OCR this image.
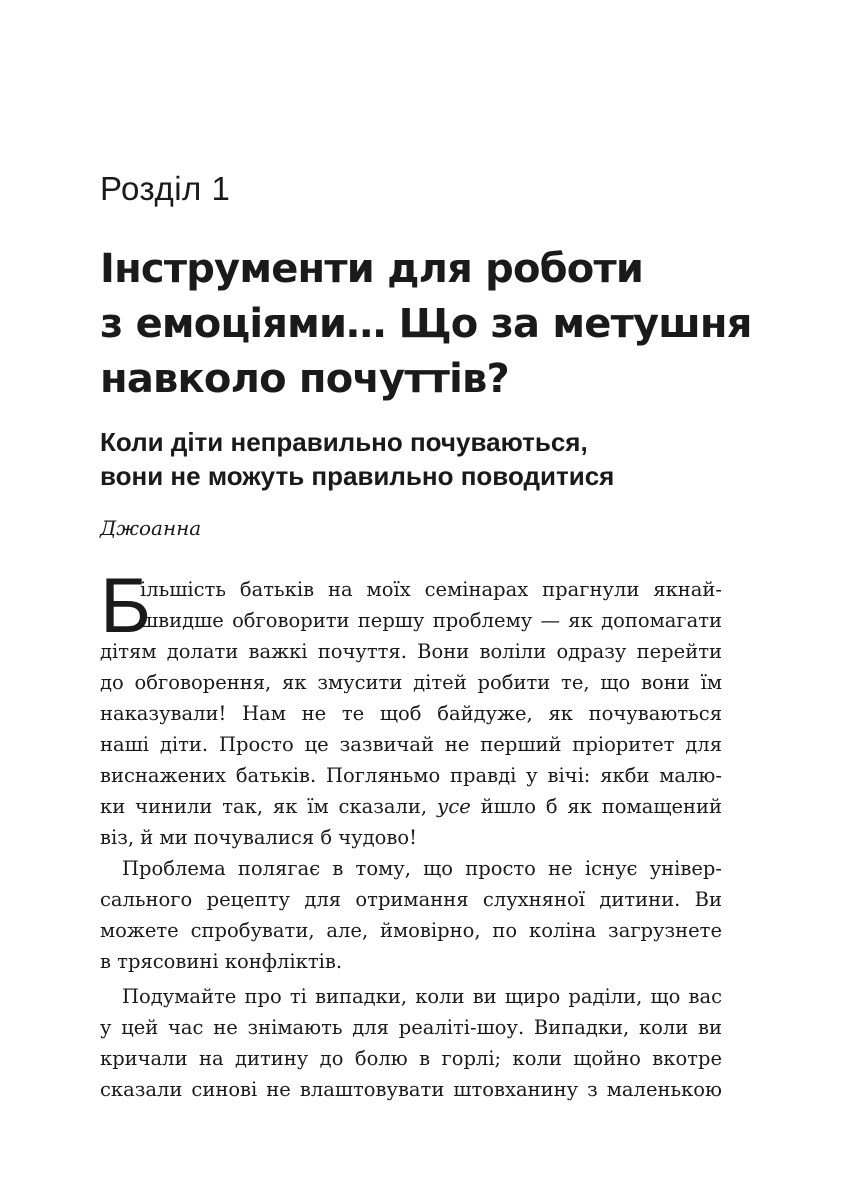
Розділ 1
Інструменти для роботи
з емоціями… Що за метушня
навколо почуттів?
Коли діти неправильно почуваються,
вони не можуть правильно поводитися

Джоанна

Б
ільшість батьків на моїх семінарах прагнули якнай-
швидше обговорити першу проблему — як допомагати
дітям долати важкі почуття. Вони воліли одразу перейти
до обговорення, як змусити дітей робити те, що вони їм
наказували! Нам не те щоб байдуже, як почуваються
наші діти. Просто це зазвичай не перший пріоритет для
виснажених батьків. Погляньмо правді у вічі: якби малю-
ки чинили так, як їм сказали, усе йшло б як помащений
віз, й ми почувалися б чудово!
Проблема полягає в тому, що просто не існує універ-
сального рецепту для отримання слухняної дитини. Ви
можете спробувати, але, ймовірно, по коліна загрузнете
в трясовині конфліктів.
Подумайте про ті випадки, коли ви щиро раділи, що вас
у цей час не знімають для реаліті-шоу. Випадки, коли ви
кричали на дитину до болю в горлі; коли щойно вкотре
сказали синові не влаштовувати штовханину з маленькою
